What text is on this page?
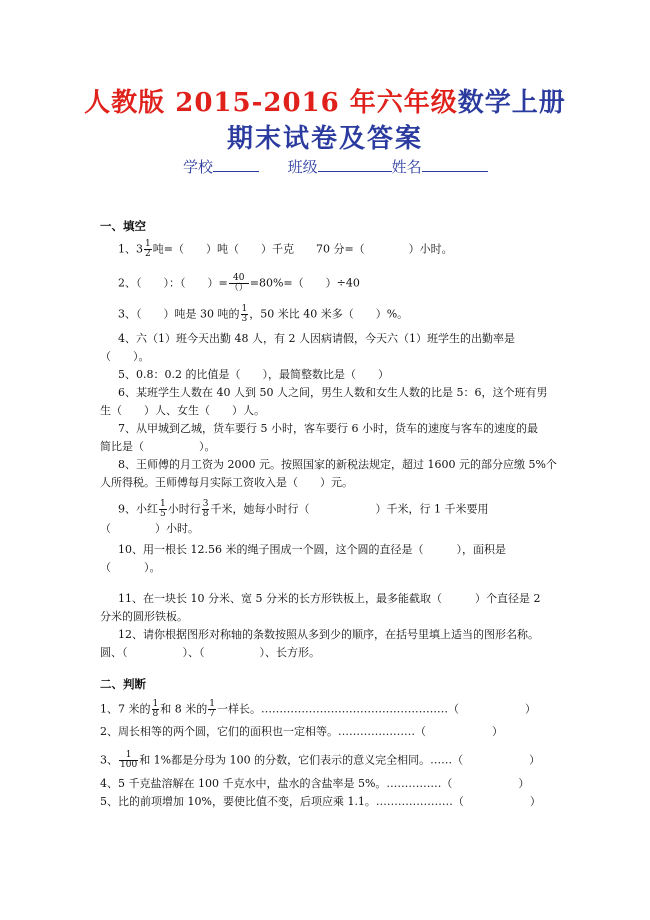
人教版 2015-2016 年六年级数学上册
期末试卷及答案
学校	班级	姓名
一、填空
1、$3 \frac{1}{2}$ 吨=（　　）吨（　　）千克　　70 分=（　　　　）小时。
2、（　　）：（　　）= $\frac{40}{()} =80\%=$（　　）÷40
3、（　　）吨是 30 吨的 $\frac{1}{3}$ ，50 米比 40 米多（　　）%。
4、六（1）班今天出勤 48 人，有 2 人因病请假，今天六（1）班学生的出勤率是
（　　）。
5、0.8：0.2 的比值是（　　），最简整数比是（　　）
6、某班学生人数在 40 人到 50 人之间，男生人数和女生人数的比是 5：6，这个班有男
生（　　）人、女生（　　）人。
7、从甲城到乙城，货车要行 5 小时，客车要行 6 小时，货车的速度与客车的速度的最
简比是（　　　　　）。
8、王师傅的月工资为 2000 元。按照国家的新税法规定，超过 1600 元的部分应缴 5%个
人所得税。王师傅每月实际工资收入是（　　）元。
9、小红 $\frac{1}{5}$ 小时行 $\frac{3}{8}$ 千米，她每小时行（　　　　　　）千米，行 1 千米要用
（　　　　）小时。
10、用一根长 12.56 米的绳子围成一个圆，这个圆的直径是（　　　），面积是
（　　　）。
11、在一块长 10 分米、宽 5 分米的长方形铁板上，最多能截取（　　　）个直径是 2
分米的圆形铁板。
12、请你根据图形对称轴的条数按照从多到少的顺序，在括号里填上适当的图形名称。
圆、（　　　　　）、（　　　　　）、长方形。
二、判断
1、7 米的 $\frac{1}{8}$ 和 8 米的 $\frac{1}{7}$ 一样长。……………………………………………（　　　　　　）
2、周长相等的两个圆，它们的面积也一定相等。…………………（　　　　　　）
3、 $\frac{1}{100}$ 和 1%都是分母为 100 的分数，它们表示的意义完全相同。……（　　　　　　）
4、5 千克盐溶解在 100 千克水中，盐水的含盐率是 5%。……………（　　　　　　）
5、比的前项增加 10%，要使比值不变，后项应乘 1.1。…………………（　　　　　　）
